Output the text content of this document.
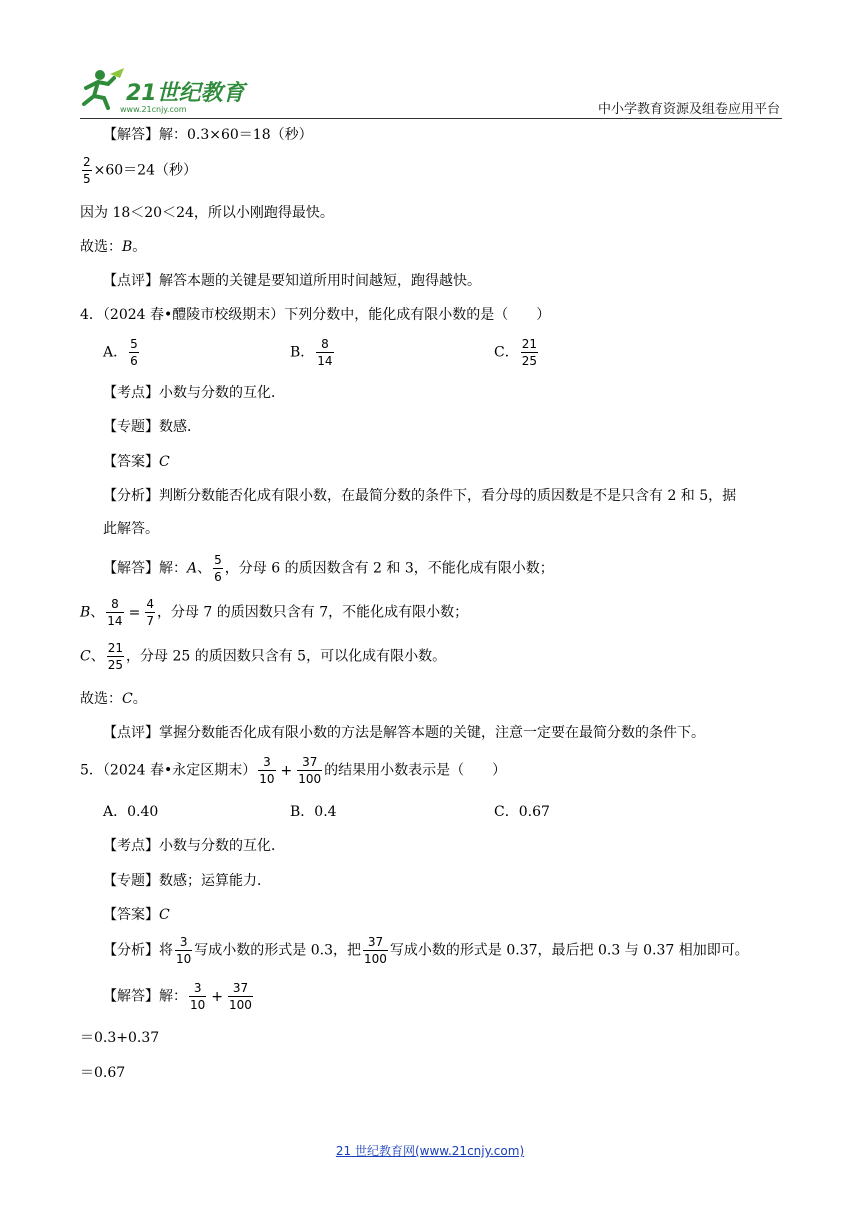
21世纪教育
www.21cnjy.com	中小学教育资源及组卷应用平台
【解答】解：0.3×60＝18（秒）
$\frac{2}{5} \times 60=24$（秒）
因为 18＜20＜24，所以小刚跑得最快。
故选：B。
【点评】解答本题的关键是要知道所用时间越短，跑得越快。
4．（2024 春•醴陵市校级期末）下列分数中，能化成有限小数的是（　　）
A． $\frac{5}{6}$	B． $\frac{8}{14}$	C． $\frac{21}{25}$
【考点】小数与分数的互化．
【专题】数感．
【答案】C
【分析】判断分数能否化成有限小数，在最简分数的条件下，看分母的质因数是不是只含有 2 和 5，据
此解答。
【解答】解：A、 $\frac{5}{6}$ ，分母 6 的质因数含有 2 和 3，不能化成有限小数；
B、 $\frac{8}{14} = \frac{4}{7}$ ，分母 7 的质因数只含有 7，不能化成有限小数；
C、 $\frac{21}{25}$ ，分母 25 的质因数只含有 5，可以化成有限小数。
故选：C。
【点评】掌握分数能否化成有限小数的方法是解答本题的关键，注意一定要在最简分数的条件下。
5．（2024 春•永定区期末） $\frac{3}{10} + \frac{37}{100}$ 的结果用小数表示是（　　）
A．0.40	B．0.4	C．0.67
【考点】小数与分数的互化．
【专题】数感；运算能力．
【答案】C
【分析】将 $\frac{3}{10}$ 写成小数的形式是 0.3，把 $\frac{37}{100}$ 写成小数的形式是 0.37，最后把 0.3 与 0.37 相加即可。
【解答】解： $\frac{3}{10} + \frac{37}{100}$
＝0.3+0.37
＝0.67
21 世纪教育网(www.21cnjy.com)
